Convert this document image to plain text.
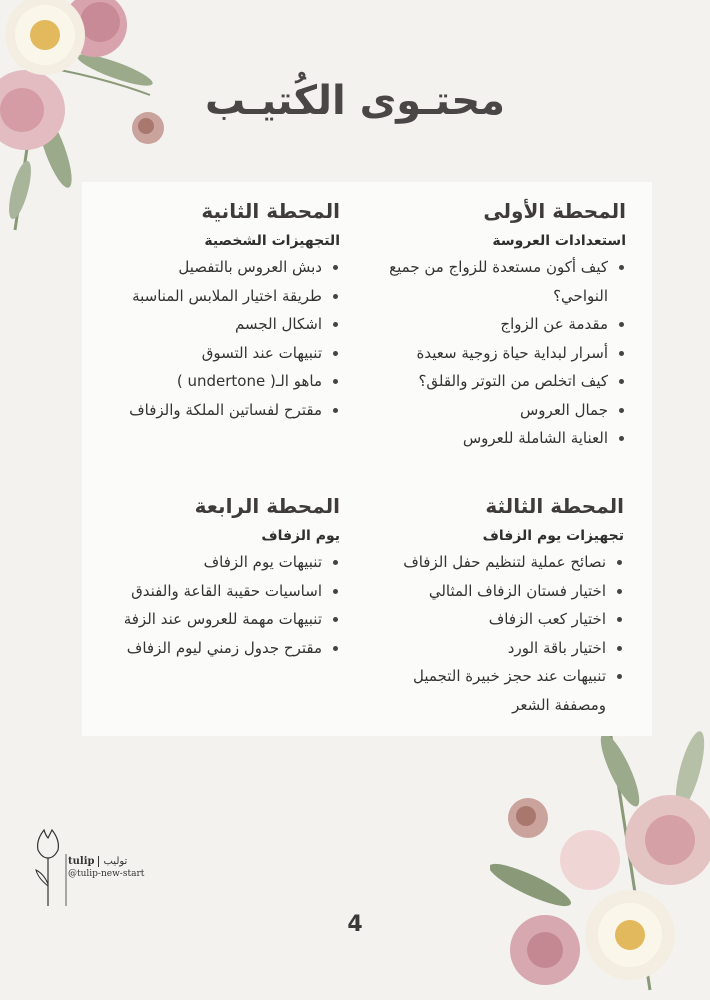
محتـوى الكُتيـب
المحطة الأولى
استعدادات العروسة
كيف أكون مستعدة للزواج من جميع النواحي؟
مقدمة عن الزواج
أسرار لبداية حياة زوجية سعيدة
كيف اتخلص من التوتر والقلق؟
جمال العروس
العناية الشاملة للعروس
المحطة الثانية
التجهيزات الشخصية
دبش العروس بالتفصيل
طريقة اختيار الملابس المناسبة
اشكال الجسم
تنبيهات عند التسوق
ماهو الـ( undertone )
مقترح لفساتين الملكة والزفاف
المحطة الثالثة
تجهيزات يوم الزفاف
نصائح عملية لتنظيم حفل الزفاف
اختيار فستان الزفاف المثالي
اختيار كعب الزفاف
اختيار باقة الورد
تنبيهات عند حجز خبيرة التجميل ومصففة الشعر
المحطة الرابعة
يوم الزفاف
تنبيهات يوم الزفاف
اساسيات حقيبة القاعة والفندق
تنبيهات مهمة للعروس عند الزفة
مقترح جدول زمني ليوم الزفاف
tulip توليب
@tulip-new-start
4
